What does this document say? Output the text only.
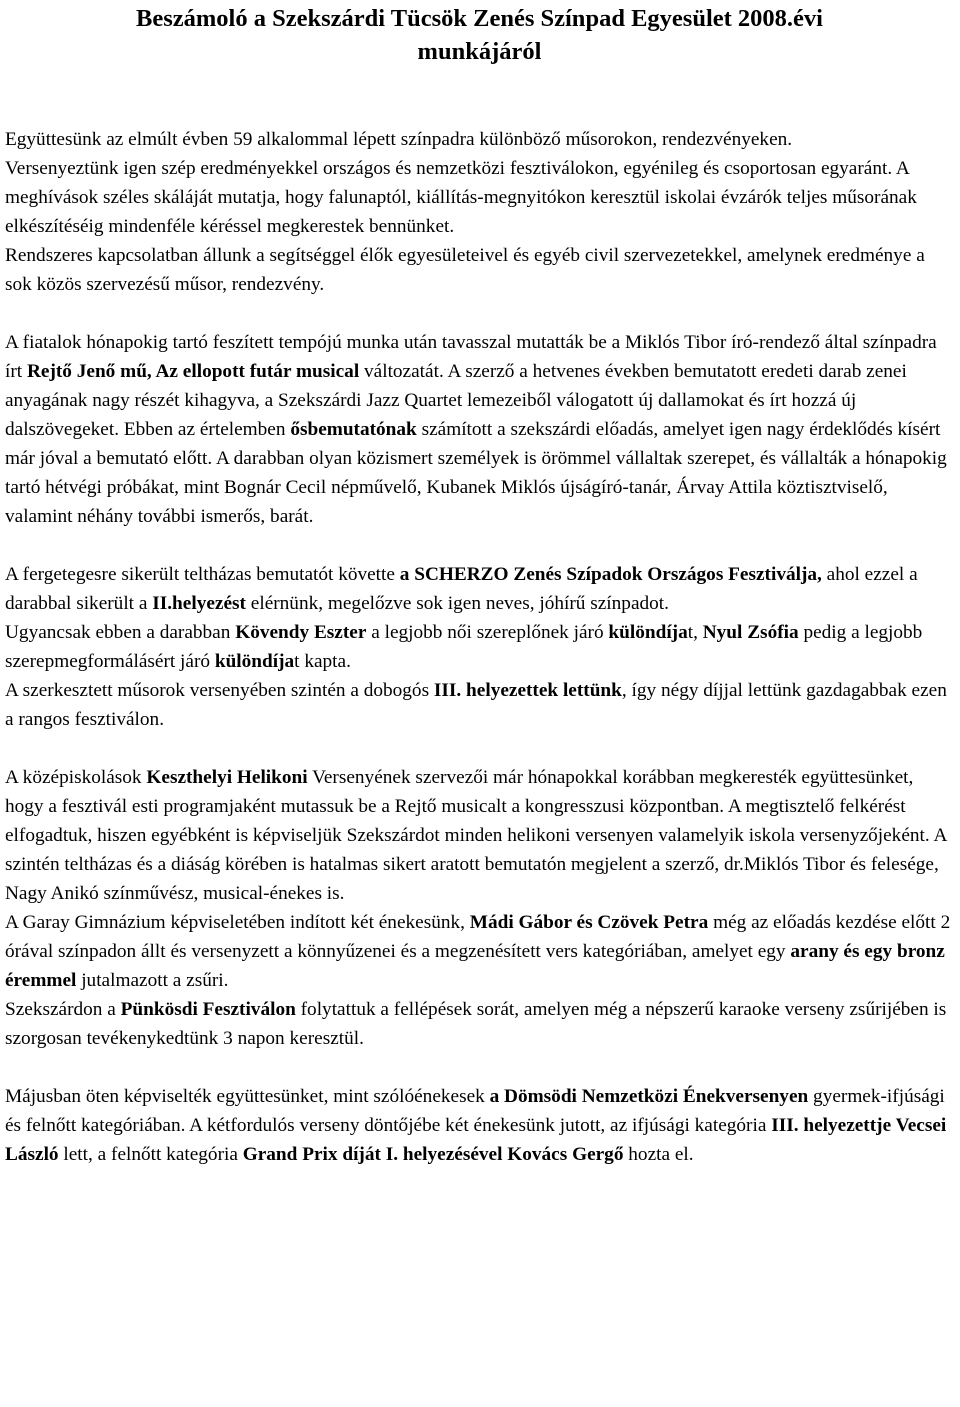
Beszámoló a Szekszárdi Tücsök Zenés Színpad Egyesület 2008.évi
munkájáról

Együttesünk az elmúlt évben 59 alkalommal lépett színpadra különböző műsorokon, rendezvényeken.
Versenyeztünk igen szép eredményekkel országos és nemzetközi fesztiválokon, egyénileg és csoportosan egyaránt. A meghívások széles skáláját mutatja, hogy falunaptól, kiállítás-megnyitókon keresztül iskolai évzárók teljes műsorának elkészítéséig mindenféle kéréssel megkerestek bennünket.
Rendszeres kapcsolatban állunk a segítséggel élők egyesületeivel és egyéb civil szervezetekkel, amelynek eredménye a sok közös szervezésű műsor, rendezvény.

A fiatalok hónapokig tartó feszített tempójú munka után tavasszal mutatták be a Miklós Tibor író-rendező által színpadra írt Rejtő Jenő mű, Az ellopott futár musical változatát. A szerző a hetvenes években bemutatott eredeti darab zenei anyagának nagy részét kihagyva, a Szekszárdi Jazz Quartet lemezeiből válogatott új dallamokat és írt hozzá új dalszövegeket. Ebben az értelemben ősbemutatónak számított a szekszárdi előadás, amelyet igen nagy érdeklődés kísért már jóval a bemutató előtt. A darabban olyan közismert személyek is örömmel vállaltak szerepet, és vállalták a hónapokig tartó hétvégi próbákat, mint Bognár Cecil népművelő, Kubanek Miklós újságíró-tanár, Árvay Attila köztisztviselő, valamint néhány további ismerős, barát.

A fergetegesre sikerült teltházas bemutatót követte a SCHERZO Zenés Szípadok Országos Fesztiválja, ahol ezzel a darabbal sikerült a II.helyezést elérnünk, megelőzve sok igen neves, jóhírű színpadot.

Ugyancsak ebben a darabban Kövendy Eszter a legjobb női szereplőnek járó különdíjat, Nyul Zsófia pedig a legjobb szerepmegformálásért járó különdíjat kapta.

A szerkesztett műsorok versenyében szintén a dobogós III. helyezettek lettünk, így négy díjjal lettünk gazdagabbak ezen a rangos fesztiválon.

A középiskolások Keszthelyi Helikoni Versenyének szervezői már hónapokkal korábban megkeresték együttesünket, hogy a fesztivál esti programjaként mutassuk be a Rejtő musicalt a kongresszusi központban. A megtisztelő felkérést elfogadtuk, hiszen egyébként is képviseljük Szekszárdot minden helikoni versenyen valamelyik iskola versenyzőjeként. A szintén teltházas és a diáság körében is hatalmas sikert aratott bemutatón megjelent a szerző, dr.Miklós Tibor és felesége, Nagy Anikó színművész, musical-énekes is.

A Garay Gimnázium képviseletében indított két énekesünk, Mádi Gábor és Czövek Petra még az előadás kezdése előtt 2 órával színpadon állt és versenyzett a könnyűzenei és a megzenésített vers kategóriában, amelyet egy arany és egy bronz éremmel jutalmazott a zsűri.

Szekszárdon a Pünkösdi Fesztiválon folytattuk a fellépések sorát, amelyen még a népszerű karaoke verseny zsűrijében is szorgosan tevékenykedtünk 3 napon keresztül.

Májusban öten képviselték együttesünket, mint szólóénekesek a Dömsödi Nemzetközi Énekversenyen gyermek-ifjúsági és felnőtt kategóriában. A kétfordulós verseny döntőjébe két énekesünk jutott, az ifjúsági kategória III. helyezettje Vecsei László lett, a felnőtt kategória Grand Prix díját I. helyezésével Kovács Gergő hozta el.
